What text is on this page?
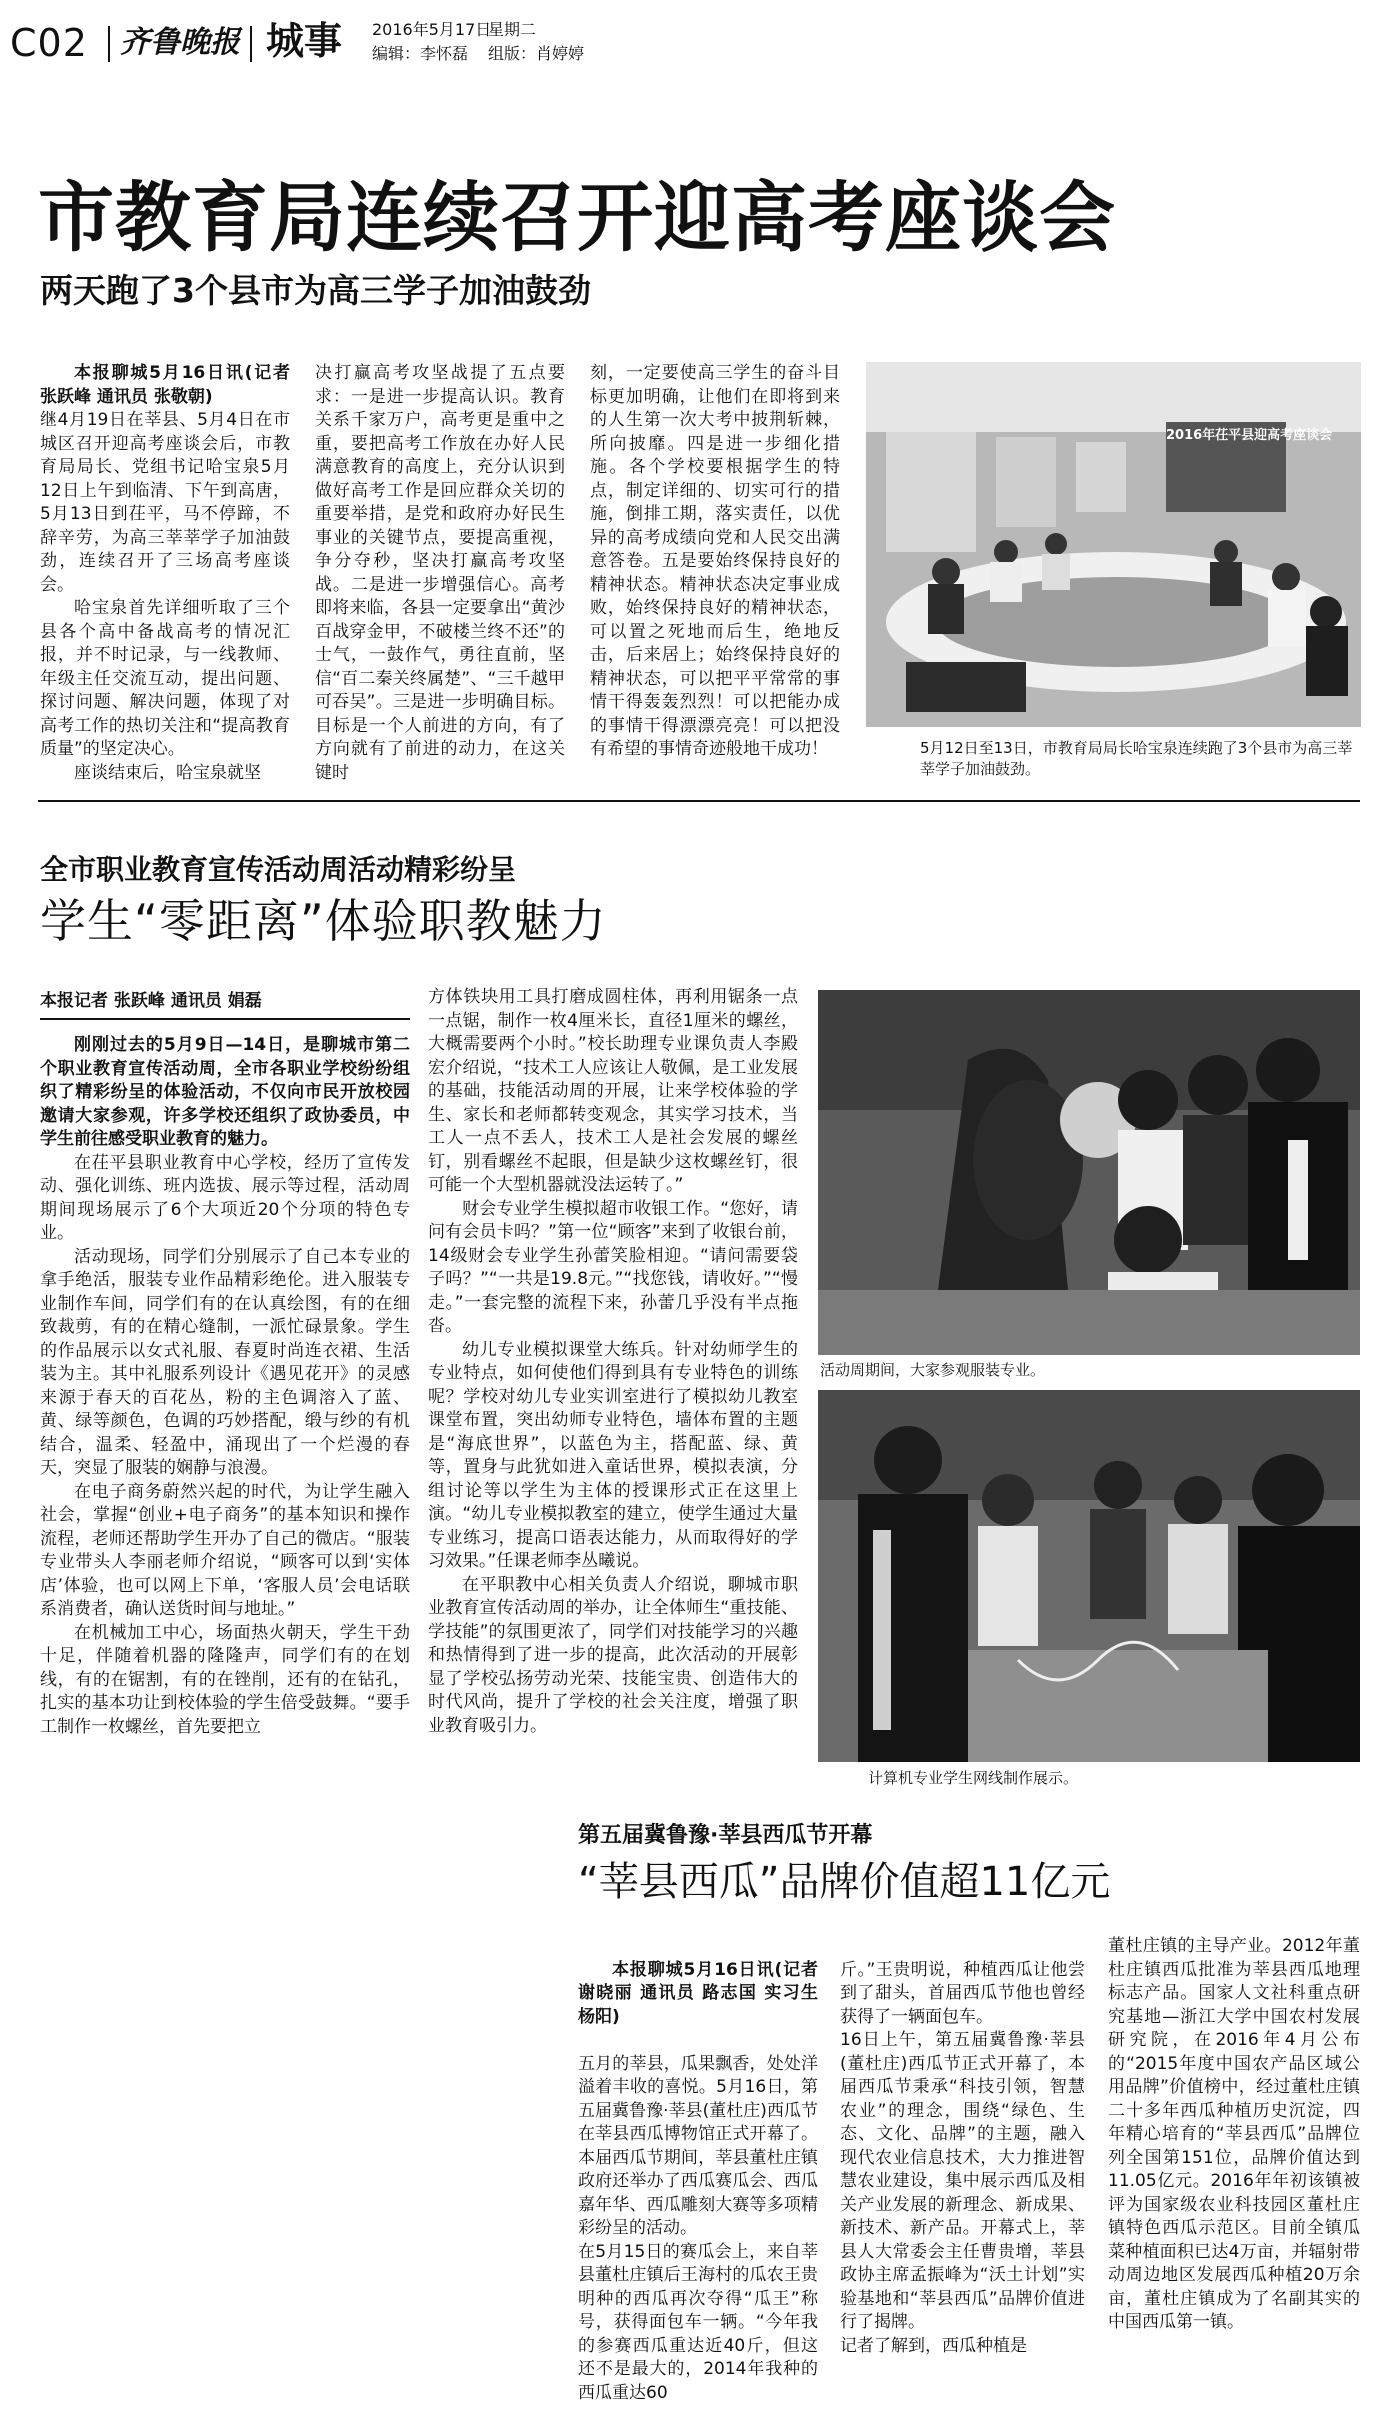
C02 齐鲁晚报 城事 2016年5月17日
星期二
编辑：李怀磊 组版：肖婷婷
市教育局连续召开迎高考座谈会
两天跑了3个县市为高三学子加油鼓劲

本报聊城5月16日讯(记者 张跃峰 通讯员 张敬朝)

继4月19日在莘县、5月4日在市城区召开迎高考座谈会后，市教育局局长、党组书记哈宝泉5月12日上午到临清、下午到高唐，5月13日到茌平，马不停蹄，不辞辛劳，为高三莘莘学子加油鼓劲，连续召开了三场高考座谈会。

哈宝泉首先详细听取了三个县各个高中备战高考的情况汇报，并不时记录，与一线教师、年级主任交流互动，提出问题、探讨问题、解决问题，体现了对高考工作的热切关注和“提高教育质量”的坚定决心。

座谈结束后，哈宝泉就坚

决打赢高考攻坚战提了五点要求：一是进一步提高认识。教育关系千家万户，高考更是重中之重，要把高考工作放在办好人民满意教育的高度上，充分认识到做好高考工作是回应群众关切的重要举措，是党和政府办好民生事业的关键节点，要提高重视，争分夺秒，坚决打赢高考攻坚战。二是进一步增强信心。高考即将来临，各县一定要拿出“黄沙百战穿金甲，不破楼兰终不还”的士气，一鼓作气，勇往直前，坚信“百二秦关终属楚”、“三千越甲可吞吴”。三是进一步明确目标。目标是一个人前进的方向，有了方向就有了前进的动力，在这关键时

刻，一定要使高三学生的奋斗目标更加明确，让他们在即将到来的人生第一次大考中披荆斩棘，所向披靡。四是进一步细化措施。各个学校要根据学生的特点，制定详细的、切实可行的措施，倒排工期，落实责任，以优异的高考成绩向党和人民交出满意答卷。五是要始终保持良好的精神状态。精神状态决定事业成败，始终保持良好的精神状态，可以置之死地而后生，绝地反击，后来居上；始终保持良好的精神状态，可以把平平常常的事情干得轰轰烈烈！可以把能办成的事情干得漂漂亮亮！可以把没有希望的事情奇迹般地干成功！

2016年茌平县迎高考座谈会
5月12日至13日，市教育局局长哈宝泉连续跑了3个县市为高三莘莘学子加油鼓劲。
全市职业教育宣传活动周活动精彩纷呈
学生“零距离”体验职教魅力
本报记者 张跃峰 通讯员 娟磊

刚刚过去的5月9日—14日，是聊城市第二个职业教育宣传活动周，全市各职业学校纷纷组织了精彩纷呈的体验活动，不仅向市民开放校园邀请大家参观，许多学校还组织了政协委员，中学生前往感受职业教育的魅力。

在茌平县职业教育中心学校，经历了宣传发动、强化训练、班内选拔、展示等过程，活动周期间现场展示了6个大项近20个分项的特色专业。

活动现场，同学们分别展示了自己本专业的拿手绝活，服装专业作品精彩绝伦。进入服装专业制作车间，同学们有的在认真绘图，有的在细致裁剪，有的在精心缝制，一派忙碌景象。学生的作品展示以女式礼服、春夏时尚连衣裙、生活装为主。其中礼服系列设计《遇见花开》的灵感来源于春天的百花丛，粉的主色调溶入了蓝、黄、绿等颜色，色调的巧妙搭配，缎与纱的有机结合，温柔、轻盈中，涌现出了一个烂漫的春天，突显了服装的娴静与浪漫。

在电子商务蔚然兴起的时代，为让学生融入社会，掌握“创业+电子商务”的基本知识和操作流程，老师还帮助学生开办了自己的微店。“服装专业带头人李丽老师介绍说，“顾客可以到‘实体店’体验，也可以网上下单，‘客服人员’会电话联系消费者，确认送货时间与地址。”

在机械加工中心，场面热火朝天，学生干劲十足，伴随着机器的隆隆声，同学们有的在划线，有的在锯割，有的在锉削，还有的在钻孔，扎实的基本功让到校体验的学生倍受鼓舞。“要手工制作一枚螺丝，首先要把立

方体铁块用工具打磨成圆柱体，再利用锯条一点一点锯，制作一枚4厘米长，直径1厘米的螺丝，大概需要两个小时。”校长助理专业课负责人李殿宏介绍说，“技术工人应该让人敬佩，是工业发展的基础，技能活动周的开展，让来学校体验的学生、家长和老师都转变观念，其实学习技术，当工人一点不丢人，技术工人是社会发展的螺丝钉，别看螺丝不起眼，但是缺少这枚螺丝钉，很可能一个大型机器就没法运转了。”

财会专业学生模拟超市收银工作。“您好，请问有会员卡吗？”第一位“顾客”来到了收银台前，14级财会专业学生孙蕾笑脸相迎。“请问需要袋子吗？”“一共是19.8元。”“找您钱，请收好。”“慢走。”一套完整的流程下来，孙蕾几乎没有半点拖沓。

幼儿专业模拟课堂大练兵。针对幼师学生的专业特点，如何使他们得到具有专业特色的训练呢？学校对幼儿专业实训室进行了模拟幼儿教室课堂布置，突出幼师专业特色，墙体布置的主题是“海底世界”，以蓝色为主，搭配蓝、绿、黄等，置身与此犹如进入童话世界，模拟表演，分组讨论等以学生为主体的授课形式正在这里上演。“幼儿专业模拟教室的建立，使学生通过大量专业练习，提高口语表达能力，从而取得好的学习效果。”任课老师李丛曦说。

在平职教中心相关负责人介绍说，聊城市职业教育宣传活动周的举办，让全体师生“重技能、学技能”的氛围更浓了，同学们对技能学习的兴趣和热情得到了进一步的提高，此次活动的开展彰显了学校弘扬劳动光荣、技能宝贵、创造伟大的时代风尚，提升了学校的社会关注度，增强了职业教育吸引力。

活动周期间，大家参观服装专业。
计算机专业学生网线制作展示。
第五届冀鲁豫·莘县西瓜节开幕
“莘县西瓜”品牌价值超11亿元

本报聊城5月16日讯(记者 谢晓丽 通讯员 路志国 实习生 杨阳)

五月的莘县，瓜果飘香，处处洋溢着丰收的喜悦。5月16日，第五届冀鲁豫·莘县(董杜庄)西瓜节在莘县西瓜博物馆正式开幕了。本届西瓜节期间，莘县董杜庄镇政府还举办了西瓜赛瓜会、西瓜嘉年华、西瓜雕刻大赛等多项精彩纷呈的活动。
在5月15日的赛瓜会上，来自莘县董杜庄镇后王海村的瓜农王贵明种的西瓜再次夺得“瓜王”称号，获得面包车一辆。“今年我的参赛西瓜重达近40斤，但这还不是最大的，2014年我种的西瓜重达60

斤。”王贵明说，种植西瓜让他尝到了甜头，首届西瓜节他也曾经获得了一辆面包车。
16日上午，第五届冀鲁豫·莘县(董杜庄)西瓜节正式开幕了，本届西瓜节秉承“科技引领，智慧农业”的理念，围绕“绿色、生态、文化、品牌”的主题，融入现代农业信息技术，大力推进智慧农业建设，集中展示西瓜及相关产业发展的新理念、新成果、新技术、新产品。开幕式上，莘县人大常委会主任曹贵增，莘县政协主席孟振峰为“沃土计划”实验基地和“莘县西瓜”品牌价值进行了揭牌。
记者了解到，西瓜种植是

董杜庄镇的主导产业。2012年董杜庄镇西瓜批准为莘县西瓜地理标志产品。国家人文社科重点研究基地—浙江大学中国农村发展研究院，在2016年4月公布的“2015年度中国农产品区域公用品牌”价值榜中，经过董杜庄镇二十多年西瓜种植历史沉淀，四年精心培育的“莘县西瓜”品牌位列全国第151位，品牌价值达到11.05亿元。2016年年初该镇被评为国家级农业科技园区董杜庄镇特色西瓜示范区。目前全镇瓜菜种植面积已达4万亩，并辐射带动周边地区发展西瓜种植20万余亩，董杜庄镇成为了名副其实的中国西瓜第一镇。
